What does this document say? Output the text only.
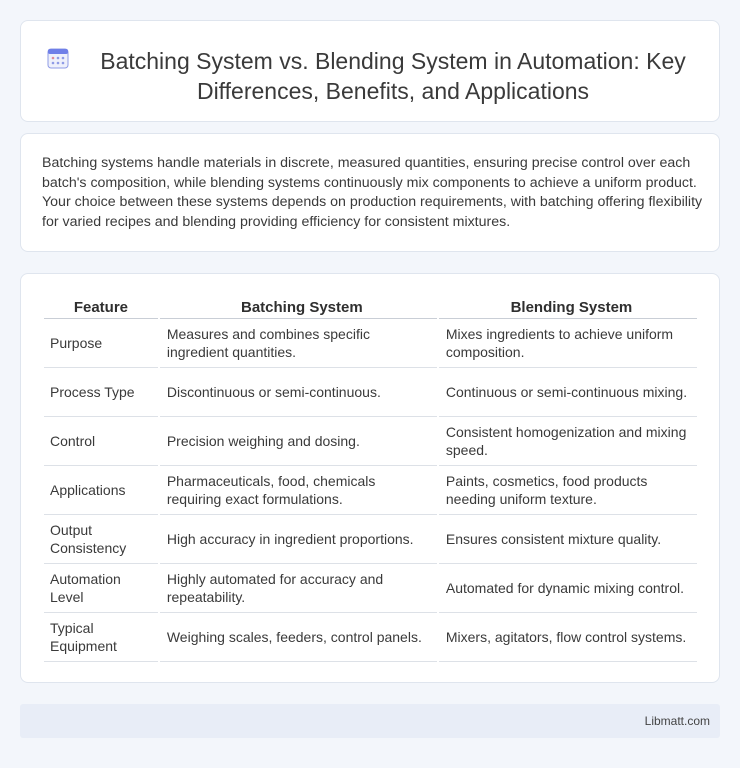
Batching System vs. Blending System in Automation: Key Differences, Benefits, and Applications

Batching systems handle materials in discrete, measured quantities, ensuring precise control over each batch's composition, while blending systems continuously mix components to achieve a uniform product. Your choice between these systems depends on production requirements, with batching offering flexibility for varied recipes and blending providing efficiency for consistent mixtures.

Feature	Batching System	Blending System
Purpose	Measures and combines specific ingredient quantities.	Mixes ingredients to achieve uniform composition.
Process Type	Discontinuous or semi-continuous.	Continuous or semi-continuous mixing.
Control	Precision weighing and dosing.	Consistent homogenization and mixing speed.
Applications	Pharmaceuticals, food, chemicals requiring exact formulations.	Paints, cosmetics, food products needing uniform texture.
Output Consistency	High accuracy in ingredient proportions.	Ensures consistent mixture quality.
Automation Level	Highly automated for accuracy and repeatability.	Automated for dynamic mixing control.
Typical Equipment	Weighing scales, feeders, control panels.	Mixers, agitators, flow control systems.
Libmatt.com
